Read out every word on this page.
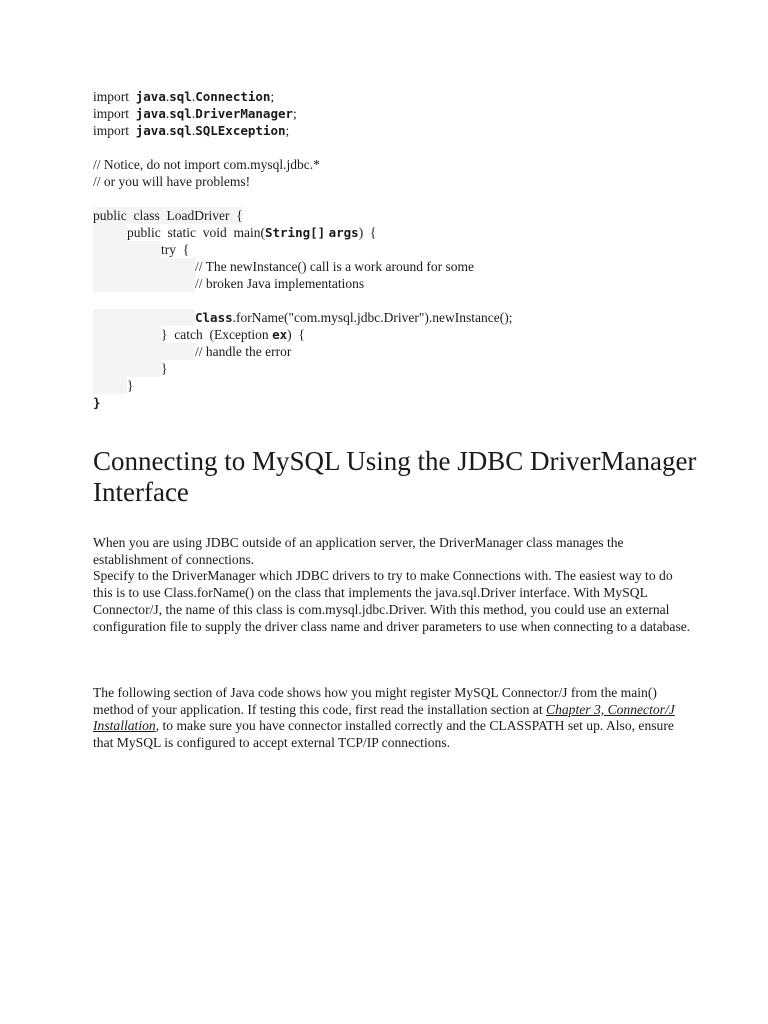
import java.sql.Connection;
import java.sql.DriverManager;
import java.sql.SQLException;

// Notice, do not import com.mysql.jdbc.*
// or you will have problems!

public  class  LoadDriver  {
public  static  void  main(String[] args)  {
try  {
// The newInstance() call is a work around for some
// broken Java implementations

Class.forName("com.mysql.jdbc.Driver").newInstance();
}  catch  (Exception ex)  {
// handle the error
}
}
}
Connecting to MySQL Using the JDBC DriverManager Interface
When you are using JDBC outside of an application server, the DriverManager class manages the establishment of connections.
Specify to the DriverManager which JDBC drivers to try to make Connections with. The easiest way to do this is to use Class.forName() on the class that implements the java.sql.Driver interface. With MySQL Connector/J, the name of this class is com.mysql.jdbc.Driver. With this method, you could use an external configuration file to supply the driver class name and driver parameters to use when connecting to a database.
The following section of Java code shows how you might register MySQL Connector/J from the main() method of your application. If testing this code, first read the installation section at Chapter 3, Connector/J Installation, to make sure you have connector installed correctly and the CLASSPATH set up. Also, ensure that MySQL is configured to accept external TCP/IP connections.
